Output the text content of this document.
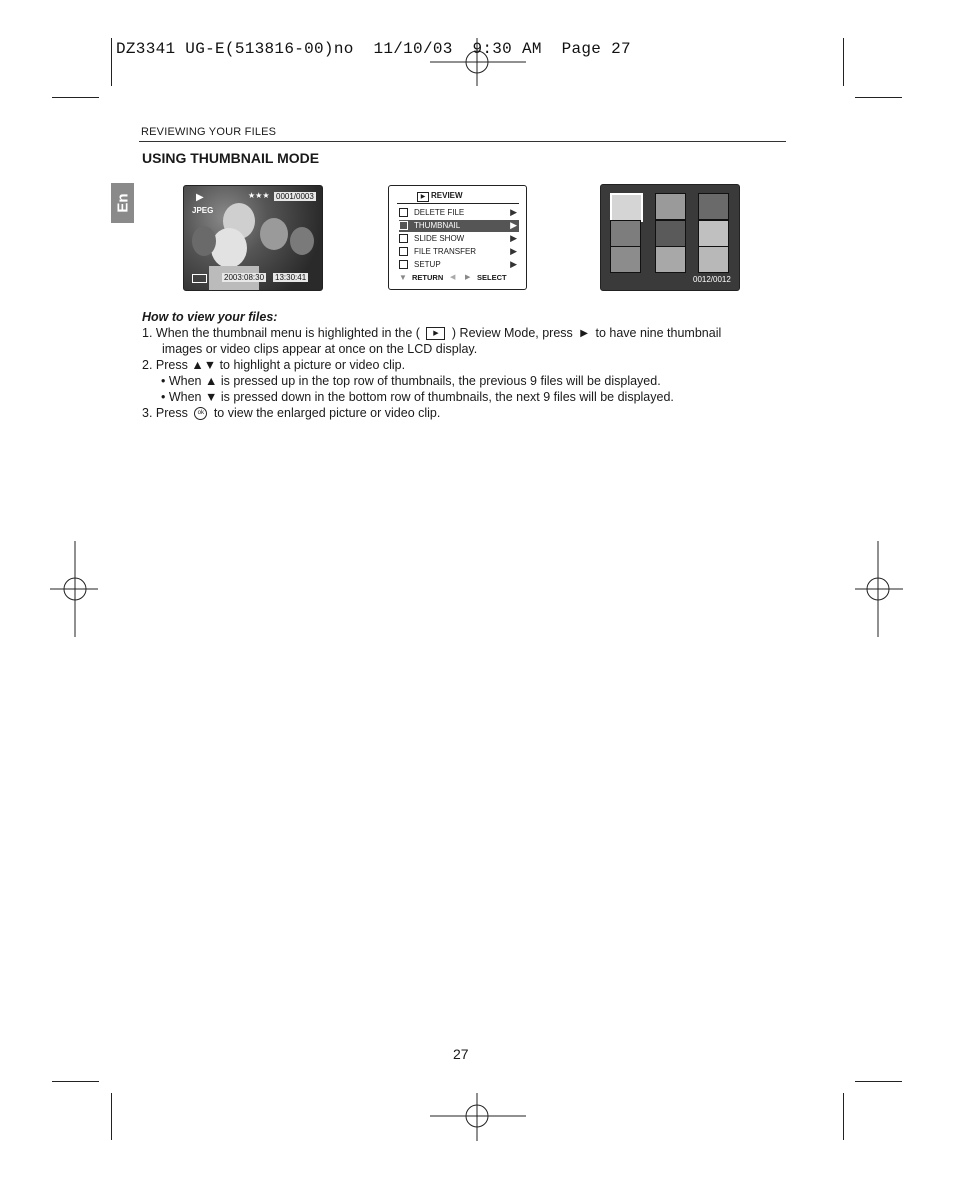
DZ3341 UG-E(513816-00)no  11/10/03  9:30 AM  Page 27
REVIEWING YOUR FILES
USING THUMBNAIL MODE
En	▶
JPEG
★★★ 0001/0003
2003:08:30 13:30:41
▶ REVIEW
DELETE FILE	▶
THUMBNAIL	▶
SLIDE SHOW	▶
FILE TRANSFER	▶
SETUP	▶
▼ RETURN ◀ ▶ SELECT	0012/0012
How to view your files:
1. When the thumbnail menu is highlighted in the ( ▶ ) Review Mode, press ▶ to have nine thumbnail
images or video clips appear at once on the LCD display.
2. Press ▲▼ to highlight a picture or video clip.
• When ▲ is pressed up in the top row of thumbnails, the previous 9 files will be displayed.
• When ▼ is pressed down in the bottom row of thumbnails, the next 9 files will be displayed.
3. Press ok to view the enlarged picture or video clip.
27
